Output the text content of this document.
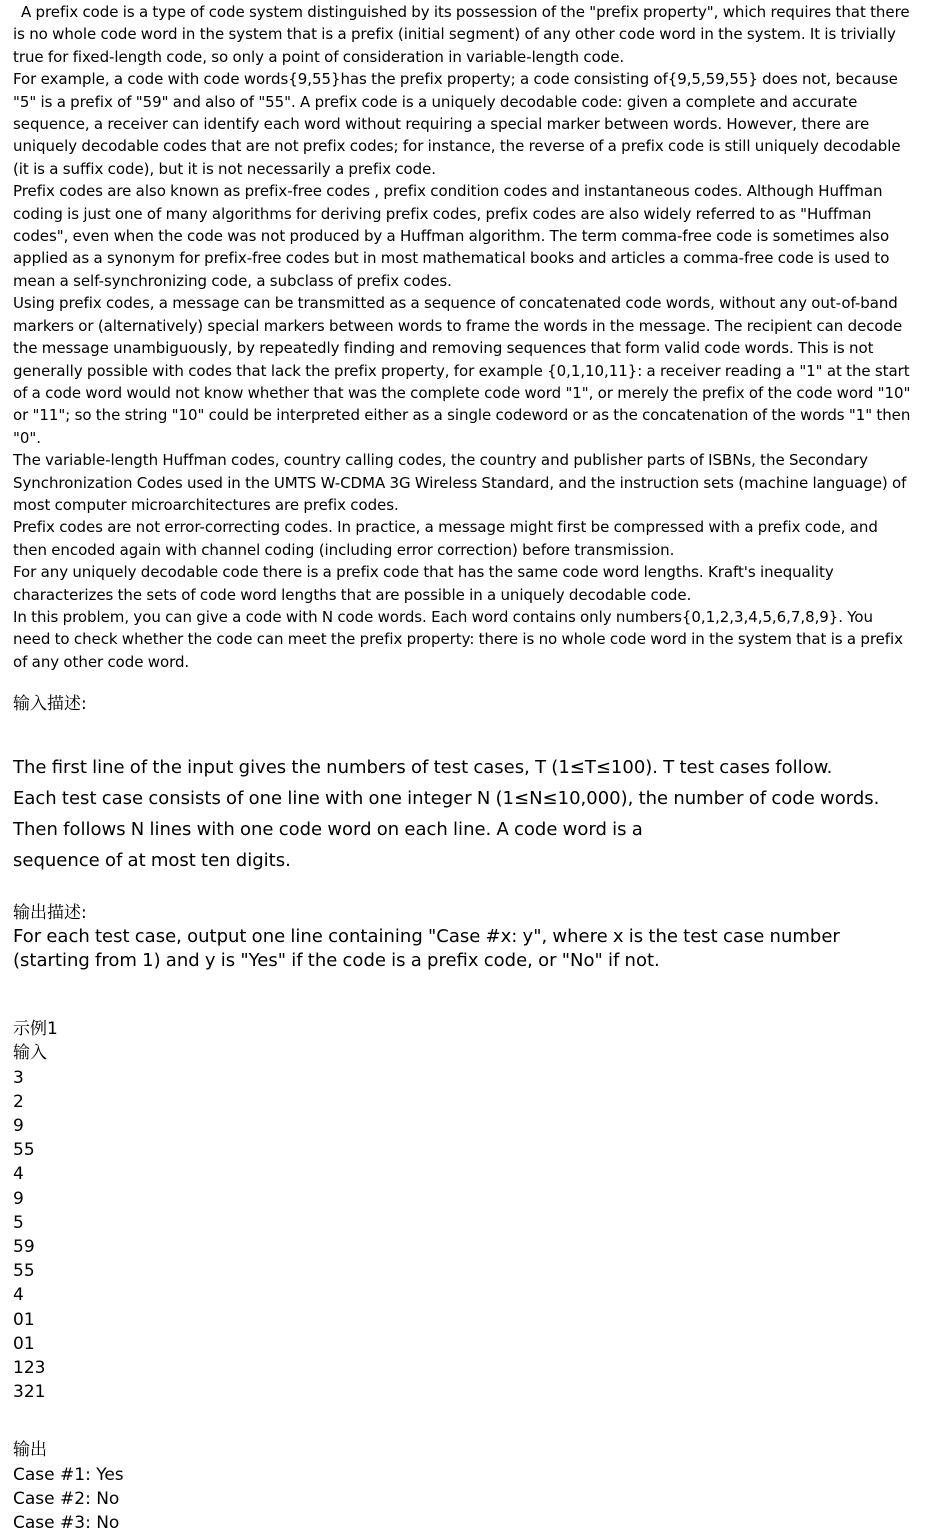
A prefix code is a type of code system distinguished by its possession of the "prefix property", which requires that there is no whole code word in the system that is a prefix (initial segment) of any other code word in the system. It is trivially true for fixed-length code, so only a point of consideration in variable-length code.

For example, a code with code words{9,55}has the prefix property; a code consisting of{9,5,59,55} does not, because "5" is a prefix of "59" and also of "55". A prefix code is a uniquely decodable code: given a complete and accurate sequence, a receiver can identify each word without requiring a special marker between words. However, there are uniquely decodable codes that are not prefix codes; for instance, the reverse of a prefix code is still uniquely decodable (it is a suffix code), but it is not necessarily a prefix code.

Prefix codes are also known as prefix-free codes , prefix condition codes and instantaneous codes. Although Huffman coding is just one of many algorithms for deriving prefix codes, prefix codes are also widely referred to as "Huffman codes", even when the code was not produced by a Huffman algorithm. The term comma-free code is sometimes also applied as a synonym for prefix-free codes but in most mathematical books and articles a comma-free code is used to mean a self-synchronizing code, a subclass of prefix codes.

Using prefix codes, a message can be transmitted as a sequence of concatenated code words, without any out-of-band markers or (alternatively) special markers between words to frame the words in the message. The recipient can decode the message unambiguously, by repeatedly finding and removing sequences that form valid code words. This is not generally possible with codes that lack the prefix property, for example {0,1,10,11}: a receiver reading a "1" at the start of a code word would not know whether that was the complete code word "1", or merely the prefix of the code word "10" or "11"; so the string "10" could be interpreted either as a single codeword or as the concatenation of the words "1" then "0".

The variable-length Huffman codes, country calling codes, the country and publisher parts of ISBNs, the Secondary Synchronization Codes used in the UMTS W-CDMA 3G Wireless Standard, and the instruction sets (machine language) of most computer microarchitectures are prefix codes.

Prefix codes are not error-correcting codes. In practice, a message might first be compressed with a prefix code, and then encoded again with channel coding (including error correction) before transmission.

For any uniquely decodable code there is a prefix code that has the same code word lengths. Kraft's inequality characterizes the sets of code word lengths that are possible in a uniquely decodable code.

In this problem, you can give a code with N code words. Each word contains only numbers{0,1,2,3,4,5,6,7,8,9}. You need to check whether the code can meet the prefix property: there is no whole code word in the system that is a prefix of any other code word.

输入描述:

The first line of the input gives the numbers of test cases, T (1≤T≤100). T test cases follow.

Each test case consists of one line with one integer N (1≤N≤10,000), the number of code words.

Then follows N lines with one code word on each line. A code word is a

sequence of at most ten digits.

输出描述:

For each test case, output one line containing "Case #x: y", where x is the test case number (starting from 1) and y is "Yes" if the code is a prefix code, or "No" if not.

示例1

输入

3

2

9

55

4

9

5

59

55

4

01

01

123

321

输出

Case #1: Yes

Case #2: No

Case #3: No
